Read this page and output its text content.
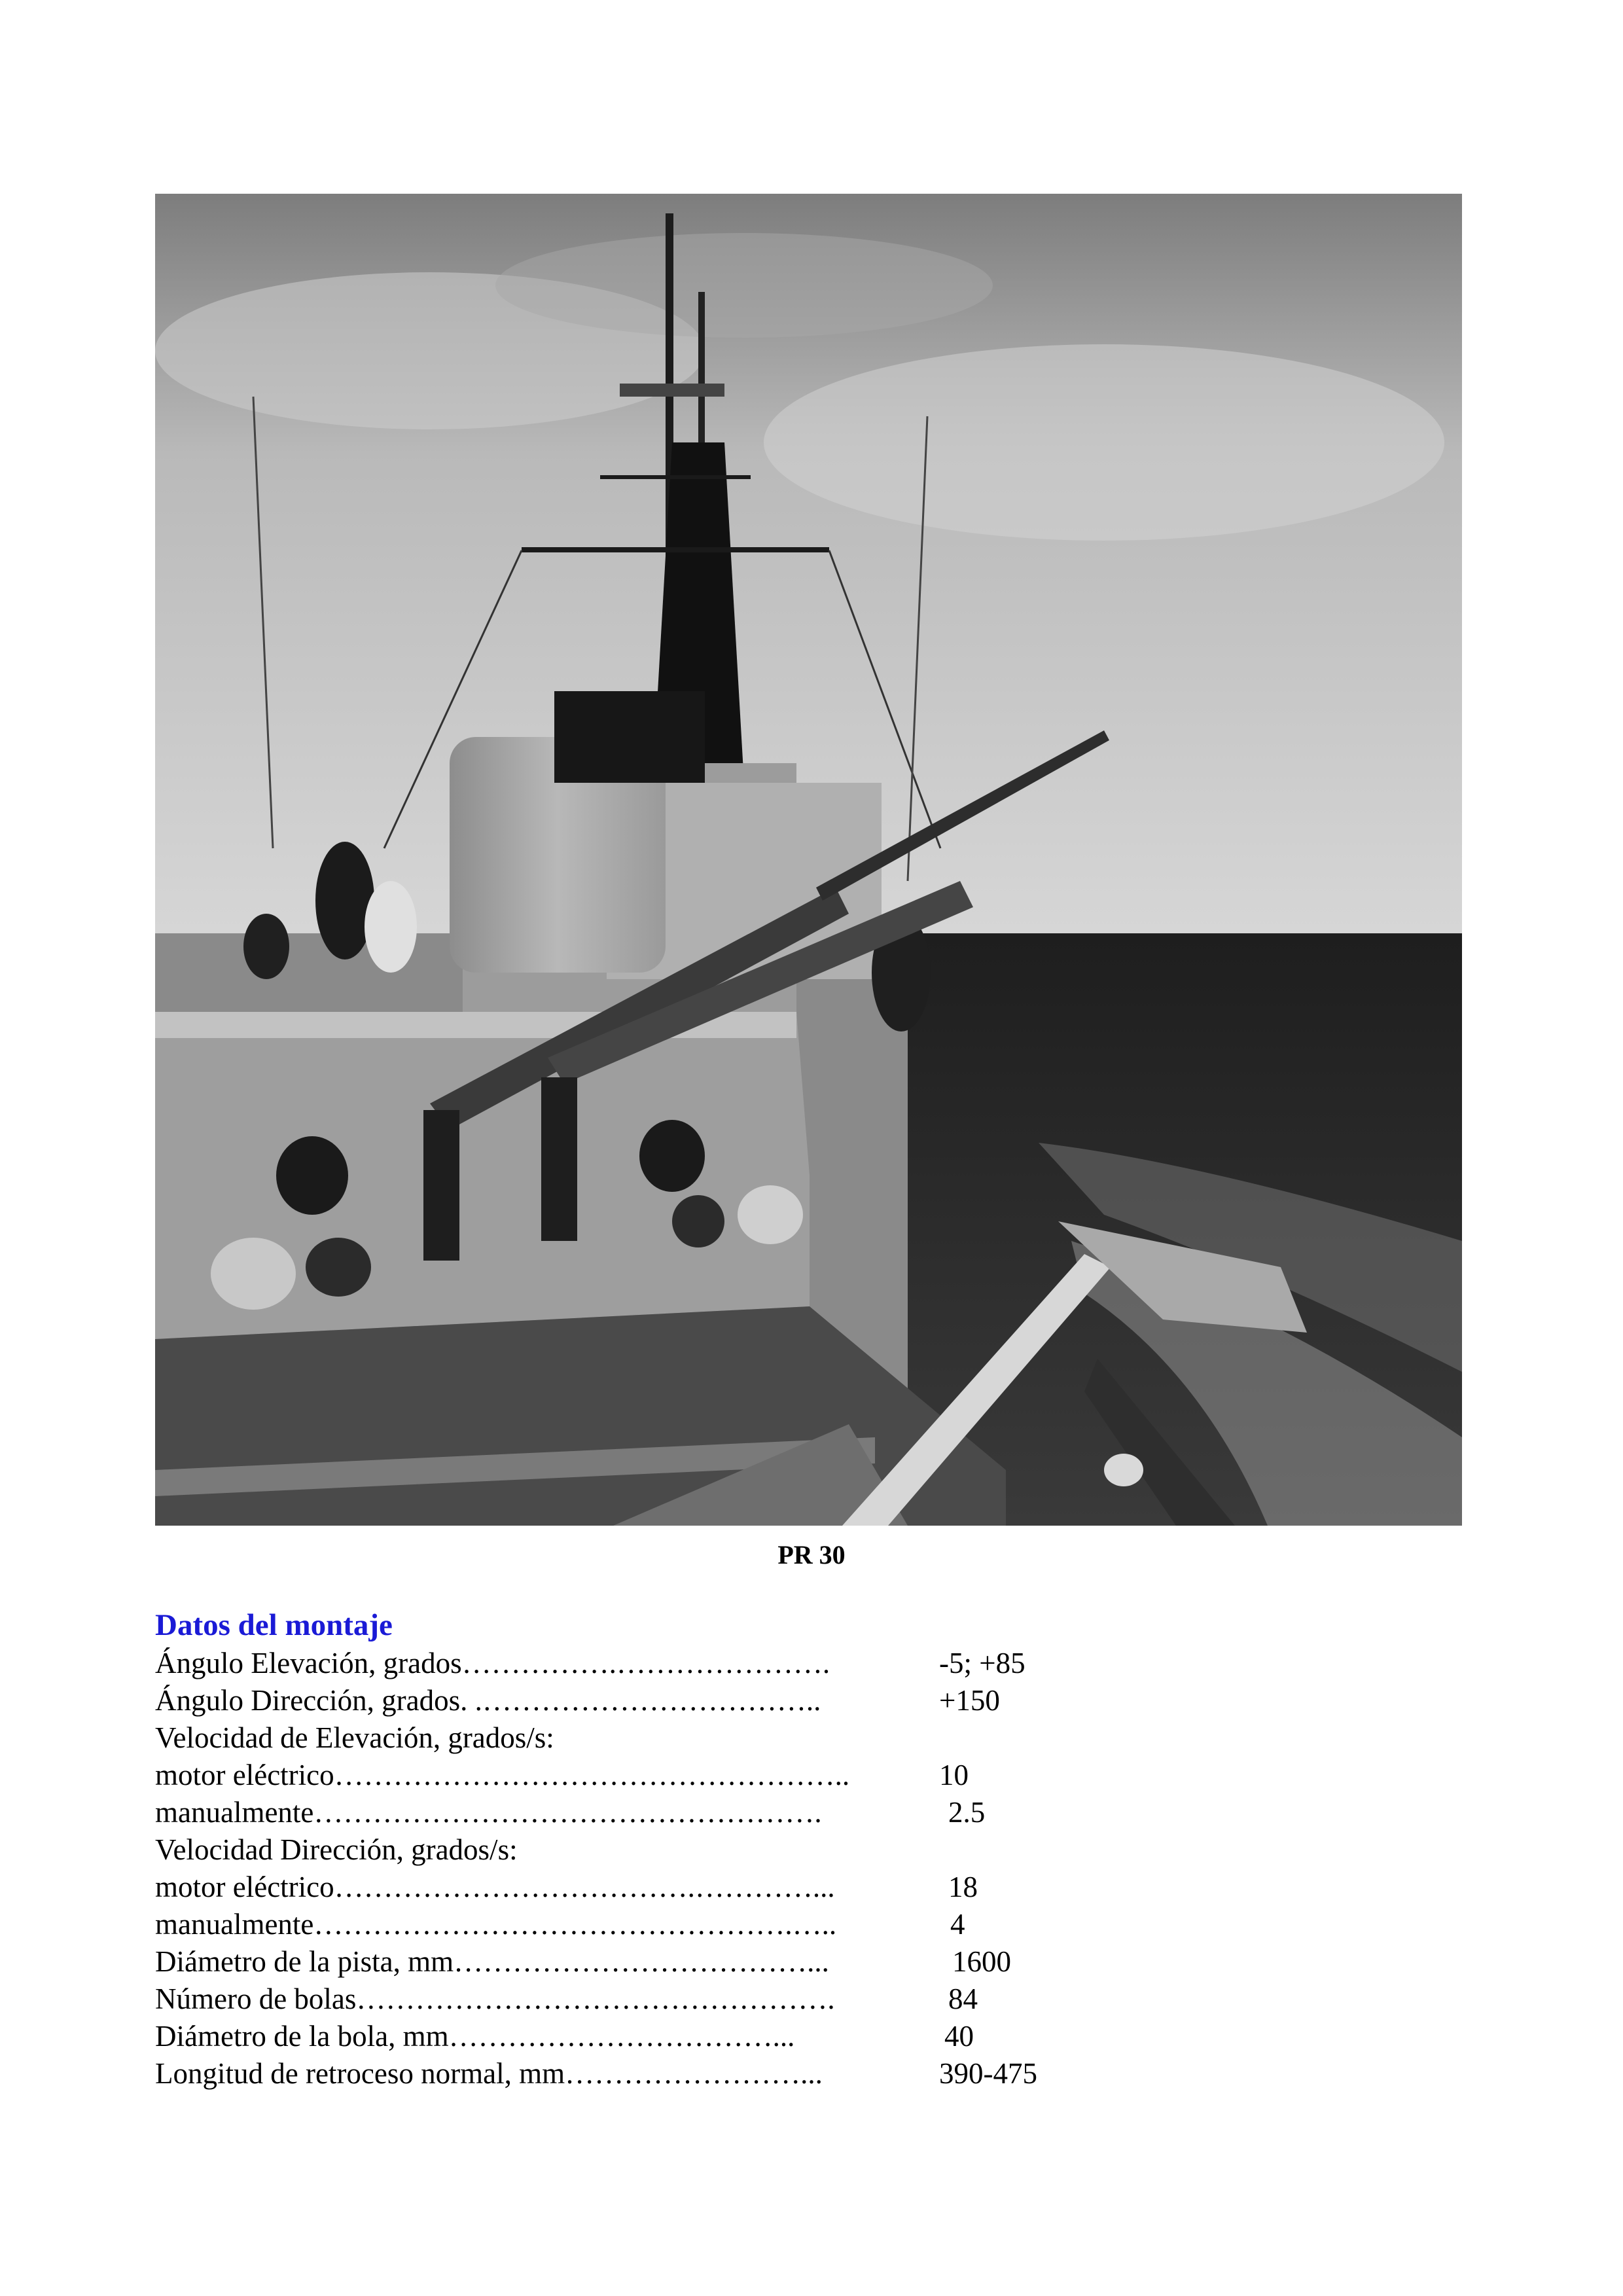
PR 30
Datos del montaje
Ángulo Elevación, grados…………….………………….	-5; +85
Ángulo Dirección, grados. .……………………………..	+150
Velocidad de Elevación, grados/s:
motor eléctrico……………………………………………..	10
manualmente…………………………………………….	2.5
Velocidad Dirección, grados/s:
motor eléctrico……………………………….…………...	18
manualmente………………………………………….…..	4
Diámetro de la pista, mm………………………………...	1600
Número de bolas………………………………………….	84
Diámetro de la bola, mm……………………………...	40
Longitud de retroceso normal, mm……………………...	390-475
